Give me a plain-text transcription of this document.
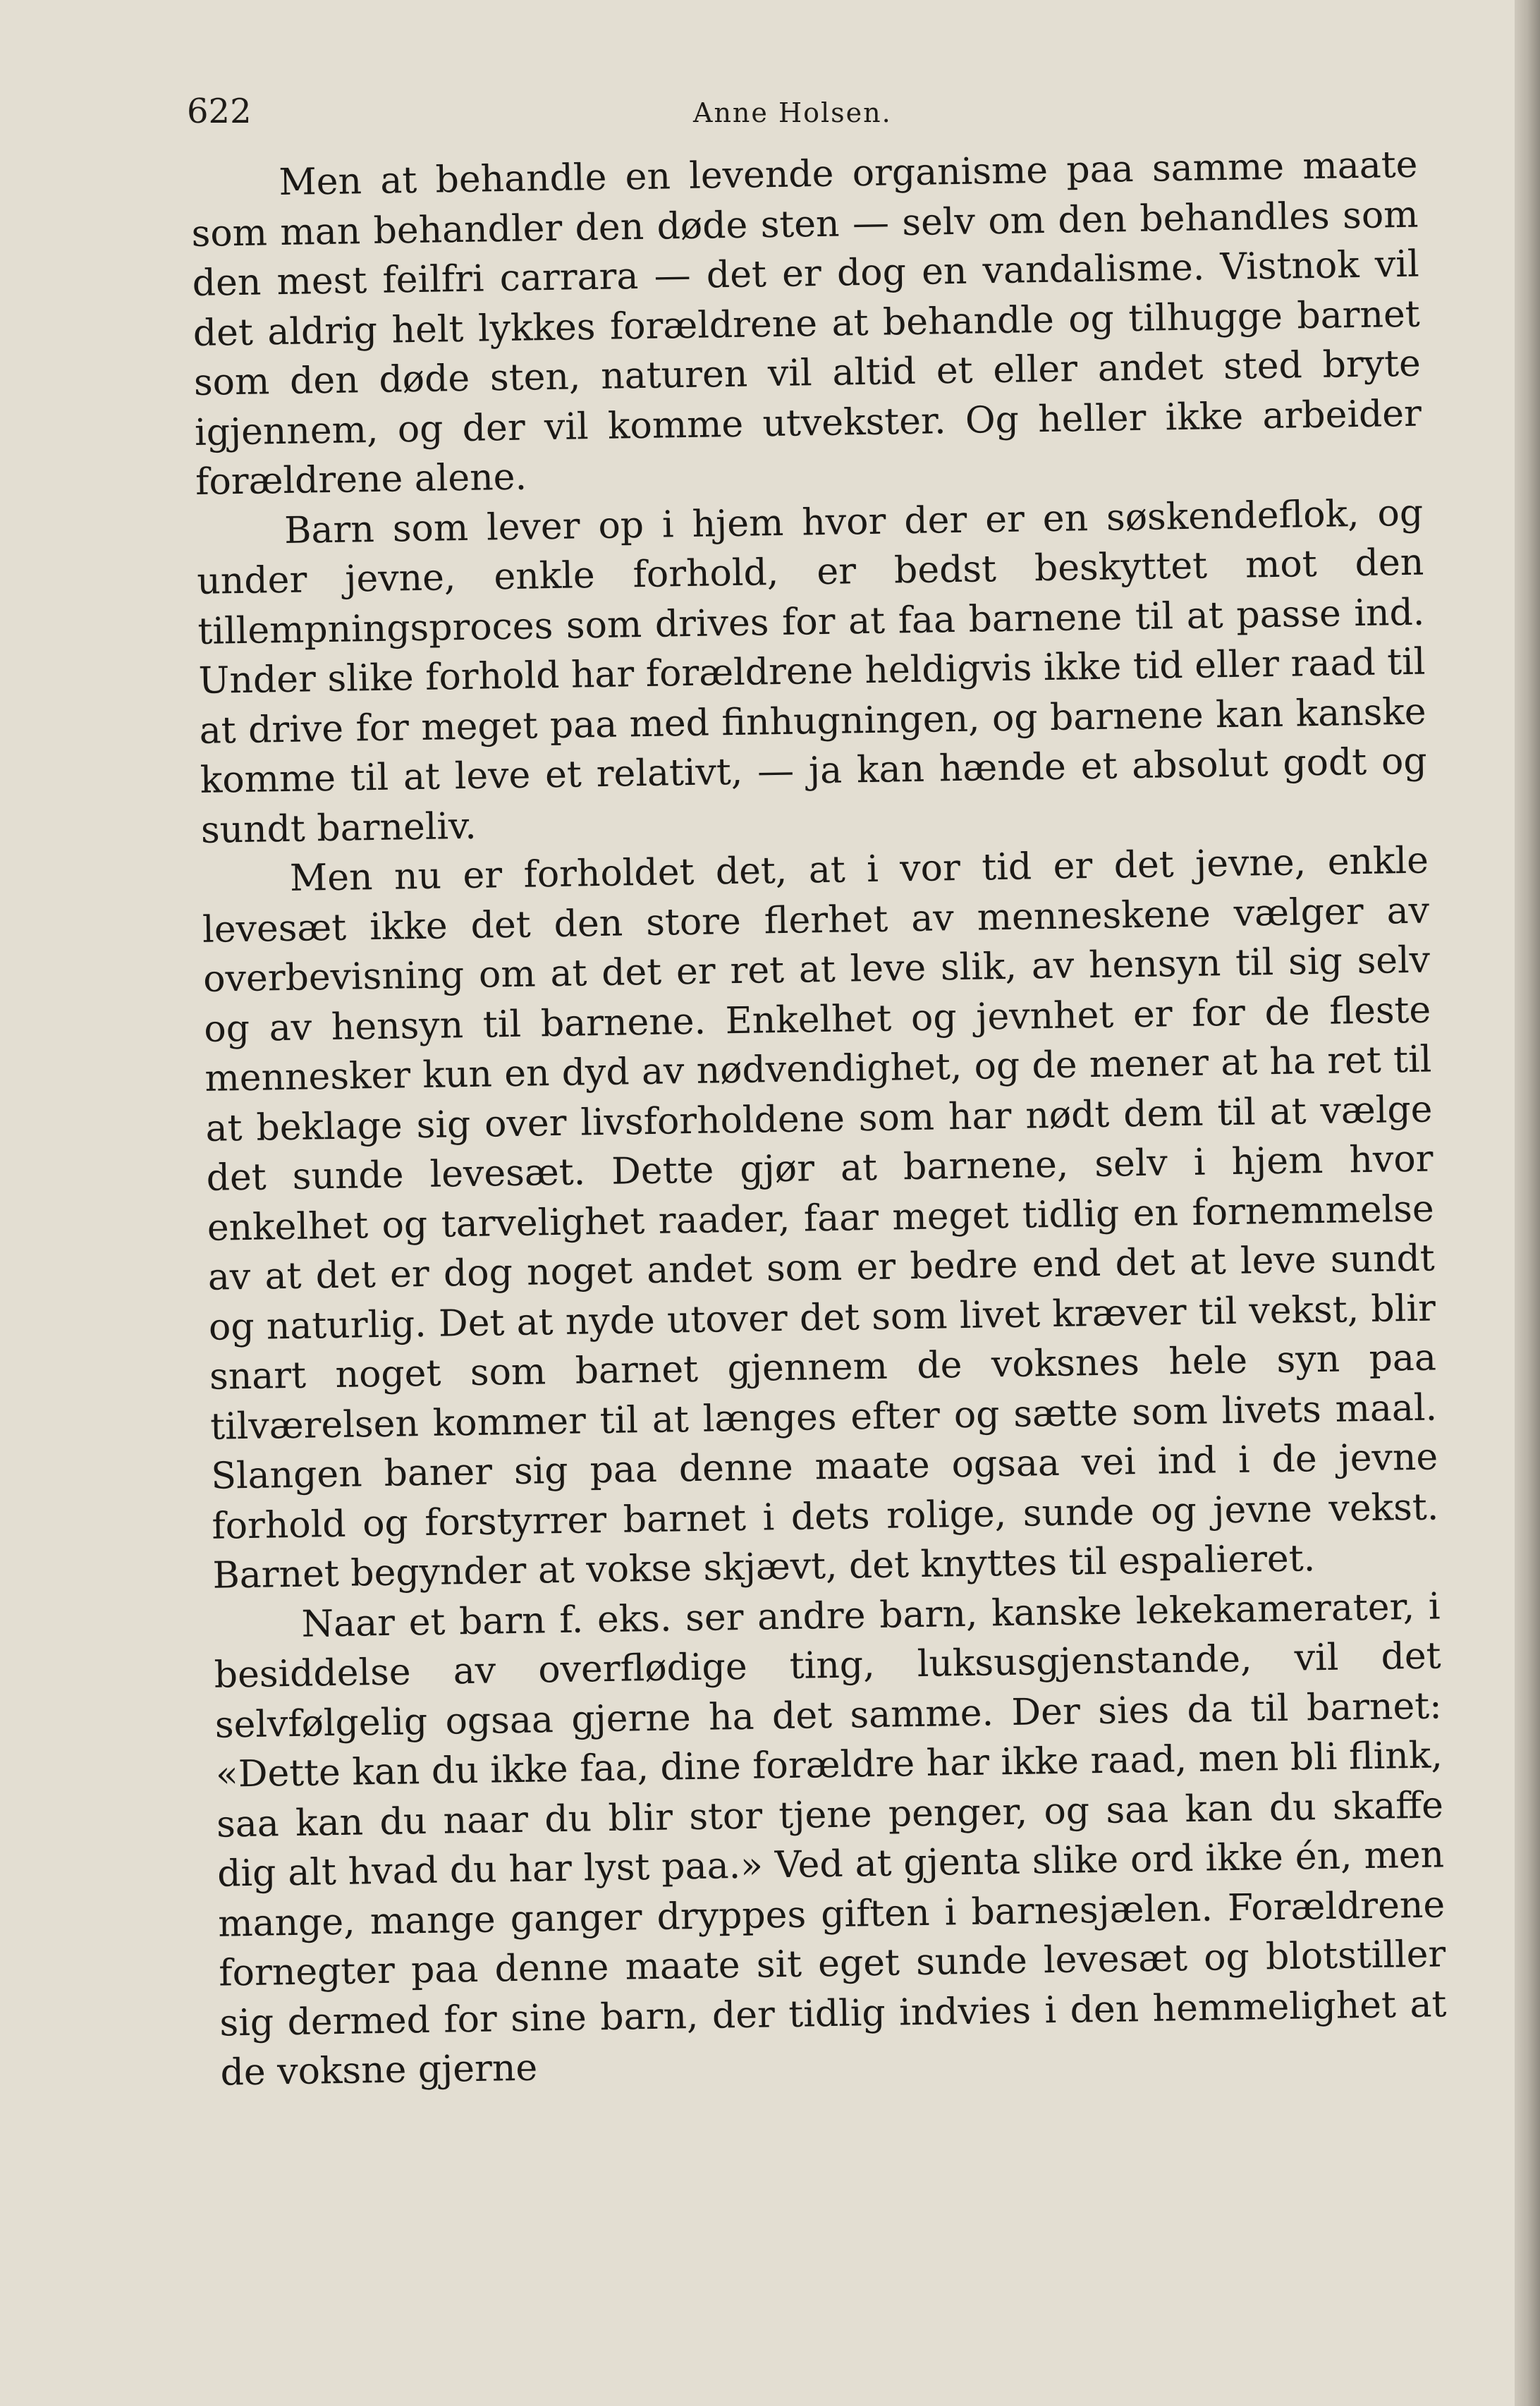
622	Anne Holsen.

Men at behandle en levende organisme paa samme maate som man behandler den døde sten — selv om den behandles som den mest feilfri carrara — det er dog en vandalisme. Vistnok vil det aldrig helt lykkes forældrene at behandle og tilhugge barnet som den døde sten, naturen vil altid et eller andet sted bryte igjennem, og der vil komme utvekster. Og heller ikke arbeider forældrene alene.

Barn som lever op i hjem hvor der er en søskendeflok, og under jevne, enkle forhold, er bedst beskyttet mot den tillempningsproces som drives for at faa barnene til at passe ind. Under slike forhold har forældrene heldigvis ikke tid eller raad til at drive for meget paa med finhugningen, og barnene kan kanske komme til at leve et relativt, — ja kan hænde et absolut godt og sundt barneliv.

Men nu er forholdet det, at i vor tid er det jevne, enkle levesæt ikke det den store flerhet av menneskene vælger av overbevisning om at det er ret at leve slik, av hensyn til sig selv og av hensyn til barnene. Enkelhet og jevnhet er for de fleste mennesker kun en dyd av nødvendighet, og de mener at ha ret til at beklage sig over livsforholdene som har nødt dem til at vælge det sunde levesæt. Dette gjør at barnene, selv i hjem hvor enkelhet og tarvelighet raader, faar meget tidlig en fornemmelse av at det er dog noget andet som er bedre end det at leve sundt og naturlig. Det at nyde utover det som livet kræver til vekst, blir snart noget som barnet gjennem de voksnes hele syn paa tilværelsen kommer til at længes efter og sætte som livets maal. Slangen baner sig paa denne maate ogsaa vei ind i de jevne forhold og forstyrrer barnet i dets rolige, sunde og jevne vekst. Barnet begynder at vokse skjævt, det knyttes til espalieret.

Naar et barn f. eks. ser andre barn, kanske lekekamerater, i besiddelse av overflødige ting, luksusgjenstande, vil det selvfølgelig ogsaa gjerne ha det samme. Der sies da til barnet: «Dette kan du ikke faa, dine forældre har ikke raad, men bli flink, saa kan du naar du blir stor tjene penger, og saa kan du skaffe dig alt hvad du har lyst paa.» Ved at gjenta slike ord ikke én, men mange, mange ganger dryppes giften i barnesjælen. Forældrene fornegter paa denne maate sit eget sunde levesæt og blotstiller sig dermed for sine barn, der tidlig indvies i den hemmelighet at de voksne gjerne
